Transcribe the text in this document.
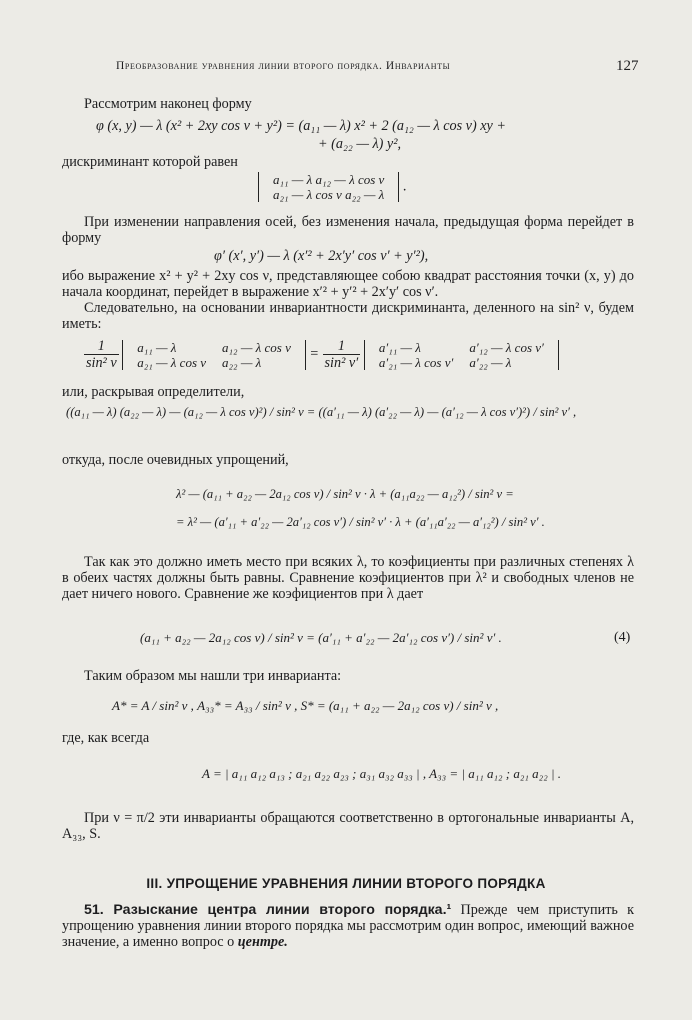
Преобразование уравнения линии второго порядка. Инварианты	127
Рассмотрим наконец форму
φ (x, y) — λ (x² + 2xy cos ν + y²) = (a₁₁ — λ) x² + 2 (a₁₂ — λ cos ν) xy +
+ (a₂₂ — λ) y²,
дискриминант которой равен
a₁₁ — λ a₁₂ — λ cos ν
a₂₁ — λ cos ν a₂₂ — λ
.
При изменении направления осей, без изменения начала, предыдущая форма перейдет в форму
φ′ (x′, y′) — λ (x′² + 2x′y′ cos ν′ + y′²),
ибо выражение x² + y² + 2xy cos ν, представляющее собою квадрат расстояния точки (x, y) до начала координат, перейдет в выражение x′² + y′² + 2x′y′ cos ν′.
Следовательно, на основании инвариантности дискриминанта, деленного на sin² ν, будем иметь:
$\frac{1}{\text{sin² ν}}$
a₁₁ — λ	a₁₂ — λ cos ν
a₂₁ — λ cos ν	a₂₂ — λ
= $\frac{1}{\text{sin² ν′}}$
a′₁₁ — λ	a′₁₂ — λ cos ν′
a′₂₁ — λ cos ν′	a′₂₂ — λ
или, раскрывая определители,
((a₁₁ — λ) (a₂₂ — λ) — (a₁₂ — λ cos ν)²) / sin² ν = ((a′₁₁ — λ) (a′₂₂ — λ) — (a′₁₂ — λ cos ν′)²) / sin² ν′ ,
откуда, после очевидных упрощений,
λ² — (a₁₁ + a₂₂ — 2a₁₂ cos ν) / sin² ν · λ + (a₁₁a₂₂ — a₁₂²) / sin² ν =
= λ² — (a′₁₁ + a′₂₂ — 2a′₁₂ cos ν′) / sin² ν′ · λ + (a′₁₁a′₂₂ — a′₁₂²) / sin² ν′ .
Так как это должно иметь место при всяких λ, то коэфициенты при различных степенях λ в обеих частях должны быть равны. Сравнение коэфициентов при λ² и свободных членов не дает ничего нового. Сравнение же коэфициентов при λ дает
(a₁₁ + a₂₂ — 2a₁₂ cos ν) / sin² ν = (a′₁₁ + a′₂₂ — 2a′₁₂ cos ν′) / sin² ν′ .	(4)
Таким образом мы нашли три инварианта:
A* = A / sin² ν , A₃₃* = A₃₃ / sin² ν , S* = (a₁₁ + a₂₂ — 2a₁₂ cos ν) / sin² ν ,
где, как всегда
A = | a₁₁ a₁₂ a₁₃ ; a₂₁ a₂₂ a₂₃ ; a₃₁ a₃₂ a₃₃ | , A₃₃ = | a₁₁ a₁₂ ; a₂₁ a₂₂ | .
При ν = π/2 эти инварианты обращаются соответственно в ортогональные инварианты A, A₃₃, S.
III. УПРОЩЕНИЕ УРАВНЕНИЯ ЛИНИИ ВТОРОГО ПОРЯДКА
51. Разыскание центра линии второго порядка.¹ Прежде чем приступить к упрощению уравнения линии второго порядка мы рассмотрим один вопрос, имеющий важное значение, а именно вопрос о центре.
